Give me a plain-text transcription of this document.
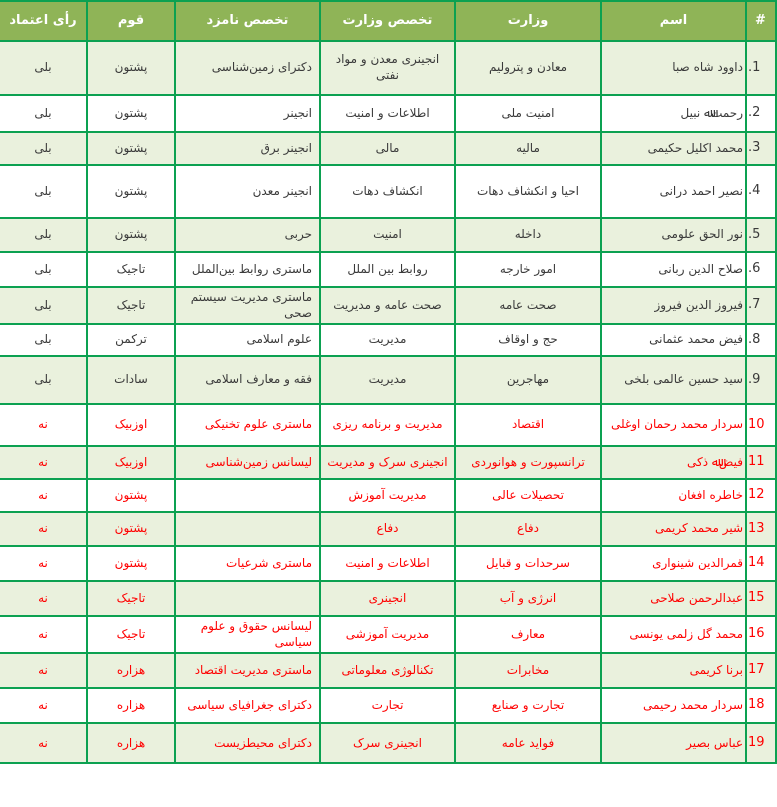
#	اسم	وزارت	تخصص وزارت	تخصص نامزد	قوم	رأی اعتماد
1.	داوود شاه صبا	معادن و پترولیم	انجینری معدن و مواد نفتی	دکترای زمین‌شناسی	پشتون	بلی
2.	رحمتﷲ نبیل	امنیت ملی	اطلاعات و امنیت	انجینر	پشتون	بلی
3.	محمد اکلیل حکیمی	مالیه	مالی	انجینر برق	پشتون	بلی
4.	نصیر احمد درانی	احیا و انکشاف دهات	انکشاف دهات	انجینر معدن	پشتون	بلی
5.	نور الحق علومی	داخله	امنیت	حربی	پشتون	بلی
6.	صلاح الدین ربانی	امور خارجه	روابط بین الملل	ماستری روابط بین‌الملل	تاجیک	بلی
7.	فیروز الدین فیروز	صحت عامه	صحت عامه و مدیریت	ماستری مدیریت سیستم صحی	تاجیک	بلی
8.	فیض محمد عثمانی	حج و اوقاف	مدیریت	علوم اسلامی	ترکمن	بلی
9.	سید حسین عالمی بلخی	مهاجرین	مدیریت	فقه و معارف اسلامی	سادات	بلی
10	سردار محمد رحمان اوغلی	اقتصاد	مدیریت و برنامه ریزی	ماستری علوم تخنیکی	اوزبیک	نه
11	فیضﷲ ذکی	ترانسپورت و هوانوردی	انجینری سرک و مدیریت	لیسانس زمین‌شناسی	اوزبیک	نه
12	خاطره افغان	تحصیلات عالی	مدیریت آموزش		پشتون	نه
13	شیر محمد کریمی	دفاع	دفاع		پشتون	نه
14	قمرالدین شینواری	سرحدات و قبایل	اطلاعات و امنیت	ماستری شرعیات	پشتون	نه
15	عبدالرحمن صلاحی	انرژی و آب	انجینری		تاجیک	نه
16	محمد گل زلمی یونسی	معارف	مدیریت آموزشی	لیسانس حقوق و علوم سیاسی	تاجیک	نه
17	برنا کریمی	مخابرات	تکنالوژی معلوماتی	ماستری مدیریت اقتصاد	هزاره	نه
18	سردار محمد رحیمی	تجارت و صنایع	تجارت	دکترای جغرافیای سیاسی	هزاره	نه
19	عباس بصیر	فواید عامه	انجینری سرک	دکترای محیطزیست	هزاره	نه
